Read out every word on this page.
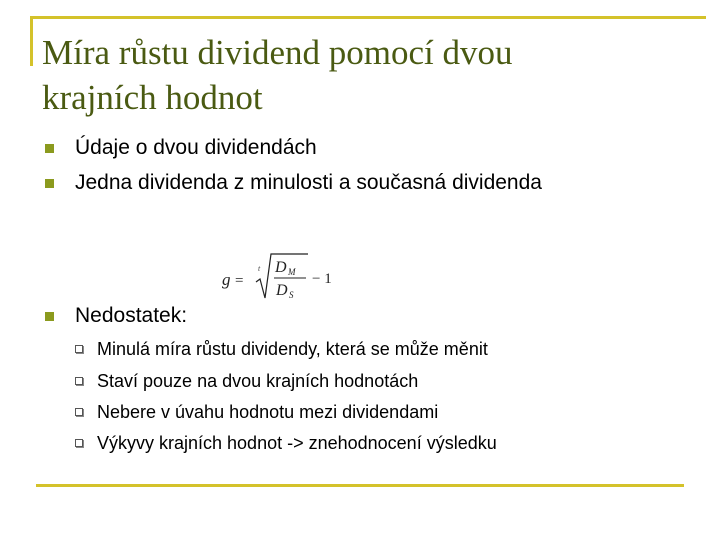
Míra růstu dividend pomocí dvou
krajních hodnot
Údaje o dvou dividendách
Jedna dividenda z minulosti a současná dividenda
g =
t D M
D S
− 1
Nedostatek:
Minulá míra růstu dividendy, která se může měnit
Staví pouze na dvou krajních hodnotách
Nebere v úvahu hodnotu mezi dividendami
Výkyvy krajních hodnot -> znehodnocení výsledku
